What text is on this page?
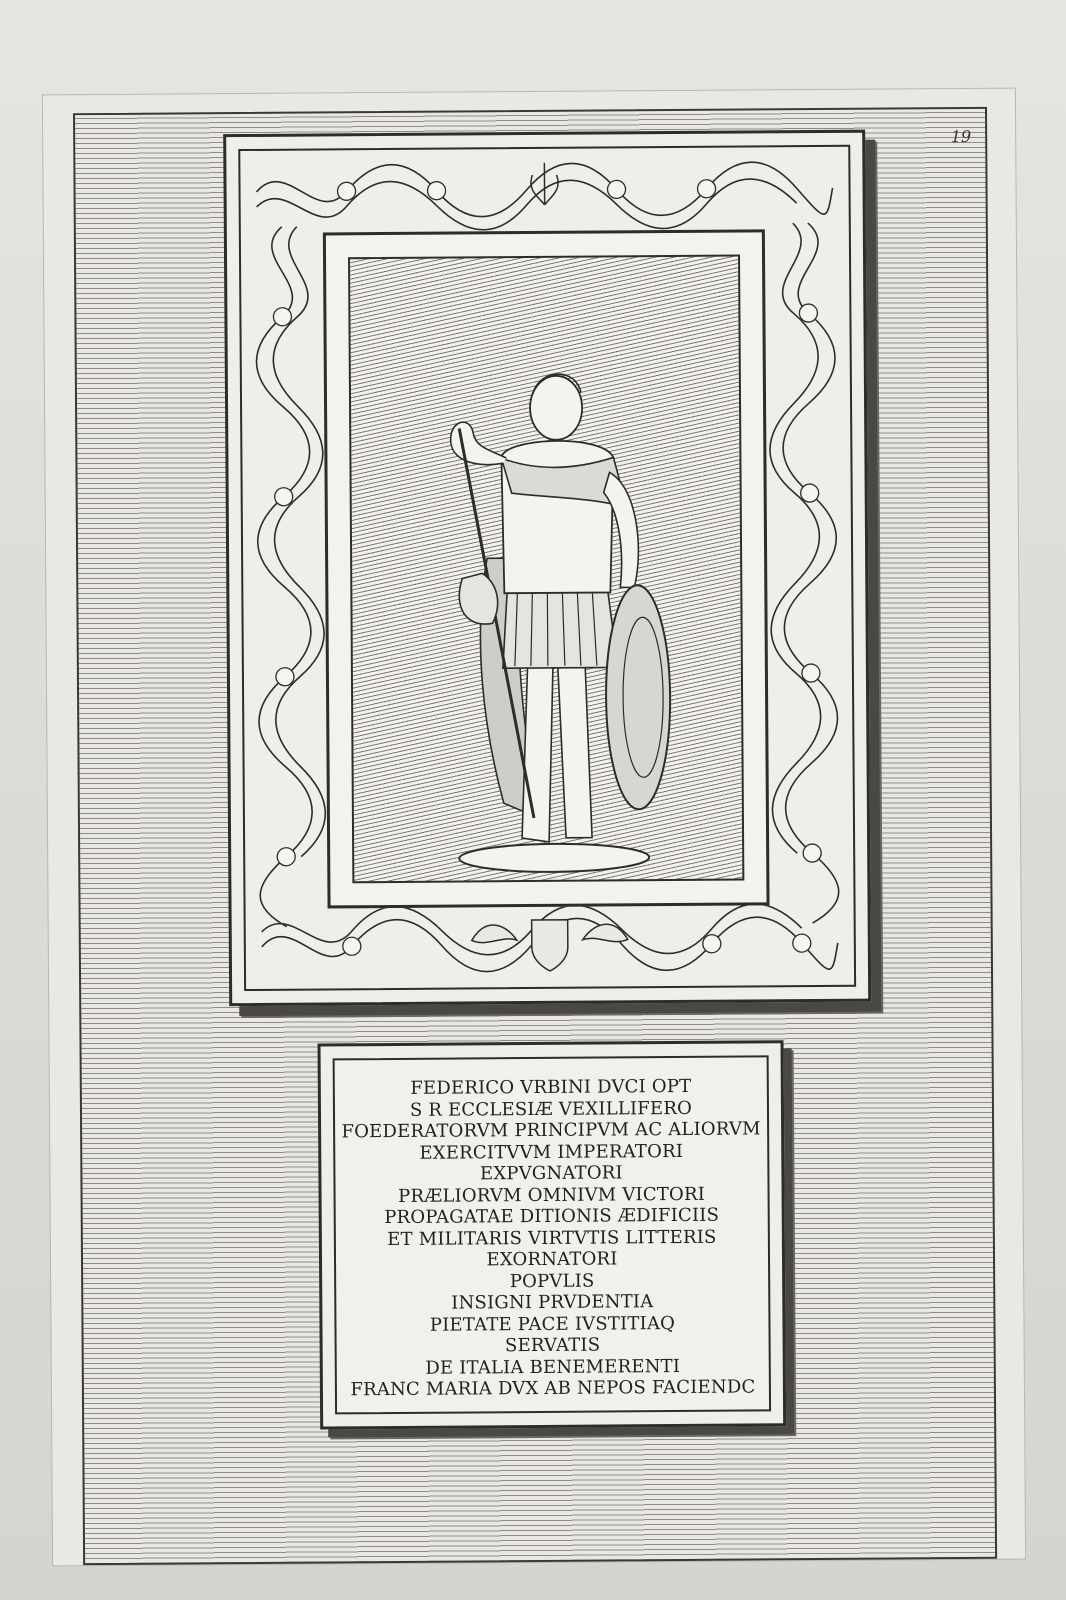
19
FEDERICO VRBINI DVCI OPT
S R ECCLESIÆ VEXILLIFERO
FOEDERATORVM PRINCIPVM AC ALIORVM
EXERCITVVM IMPERATORI
EXPVGNATORI
PRÆLIORVM OMNIVM VICTORI
PROPAGATAE DITIONIS ÆDIFICIIS
ET MILITARIS VIRTVTIS LITTERIS
EXORNATORI
POPVLIS
INSIGNI PRVDENTIA
PIETATE PACE IVSTITIAQ
SERVATIS
DE ITALIA BENEMERENTI
FRANC MARIA DVX AB NEPOS FACIENDC
